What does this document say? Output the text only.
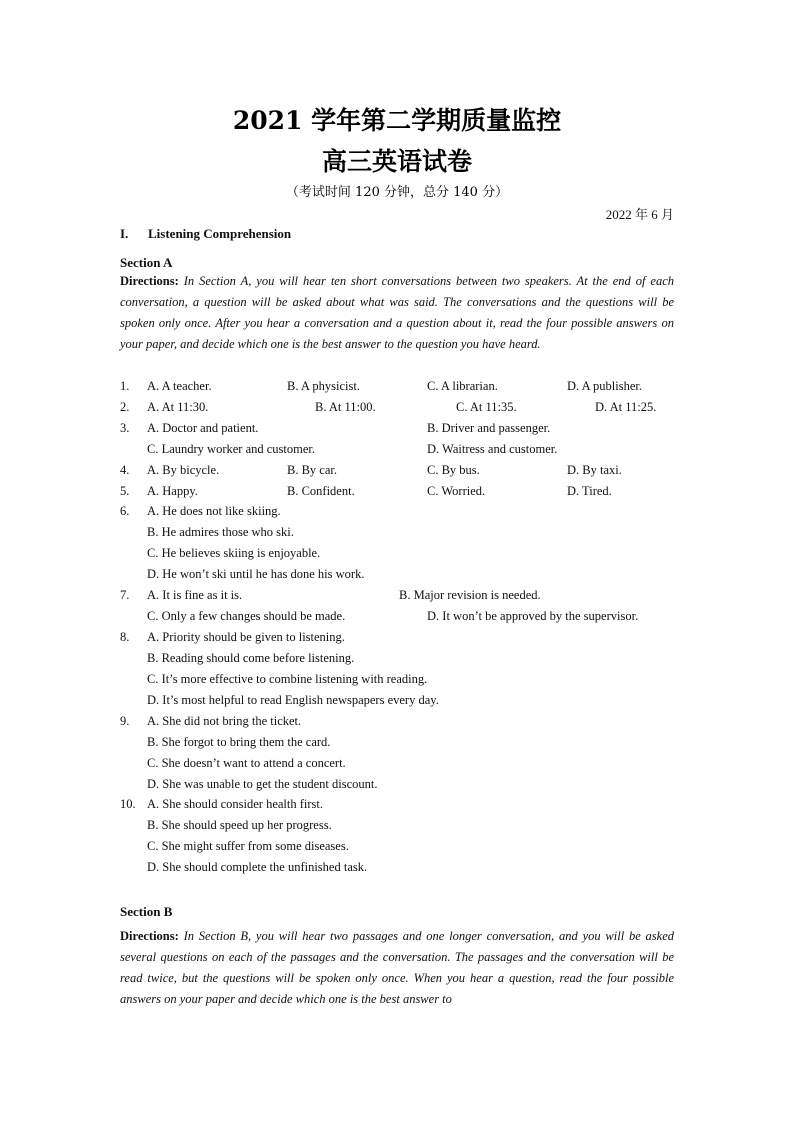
2021 学年第二学期质量监控
高三英语试卷
（考试时间 120 分钟，总分 140 分）
2022 年 6 月
I. Listening Comprehension
Section A
Directions: In Section A, you will hear ten short conversations between two speakers. At the end of each conversation, a question will be asked about what was said. The conversations and the questions will be spoken only once. After you hear a conversation and a question about it, read the four possible answers on your paper, and decide which one is the best answer to the question you have heard.
1. A. A teacher.	B. A physicist.	C. A librarian.	D. A publisher.
2. A. At 11:30.	B. At 11:00.	C. At 11:35.	D. At 11:25.
3. A. Doctor and patient.	B. Driver and passenger.
C. Laundry worker and customer.	D. Waitress and customer.
4. A. By bicycle.	B. By car.	C. By bus.	D. By taxi.
5. A. Happy.	B. Confident.	C. Worried.	D. Tired.
6. A. He does not like skiing.
B. He admires those who ski.
C. He believes skiing is enjoyable.
D. He won’t ski until he has done his work.
7. A. It is fine as it is.	B. Major revision is needed.
C. Only a few changes should be made.	D. It won’t be approved by the supervisor.
8. A. Priority should be given to listening.
B. Reading should come before listening.
C. It’s more effective to combine listening with reading.
D. It’s most helpful to read English newspapers every day.
9. A. She did not bring the ticket.
B. She forgot to bring them the card.
C. She doesn’t want to attend a concert.
D. She was unable to get the student discount.
10. A. She should consider health first.
B. She should speed up her progress.
C. She might suffer from some diseases.
D. She should complete the unfinished task.
Section B
Directions: In Section B, you will hear two passages and one longer conversation, and you will be asked several questions on each of the passages and the conversation. The passages and the conversation will be read twice, but the questions will be spoken only once. When you hear a question, read the four possible answers on your paper and decide which one is the best answer to
